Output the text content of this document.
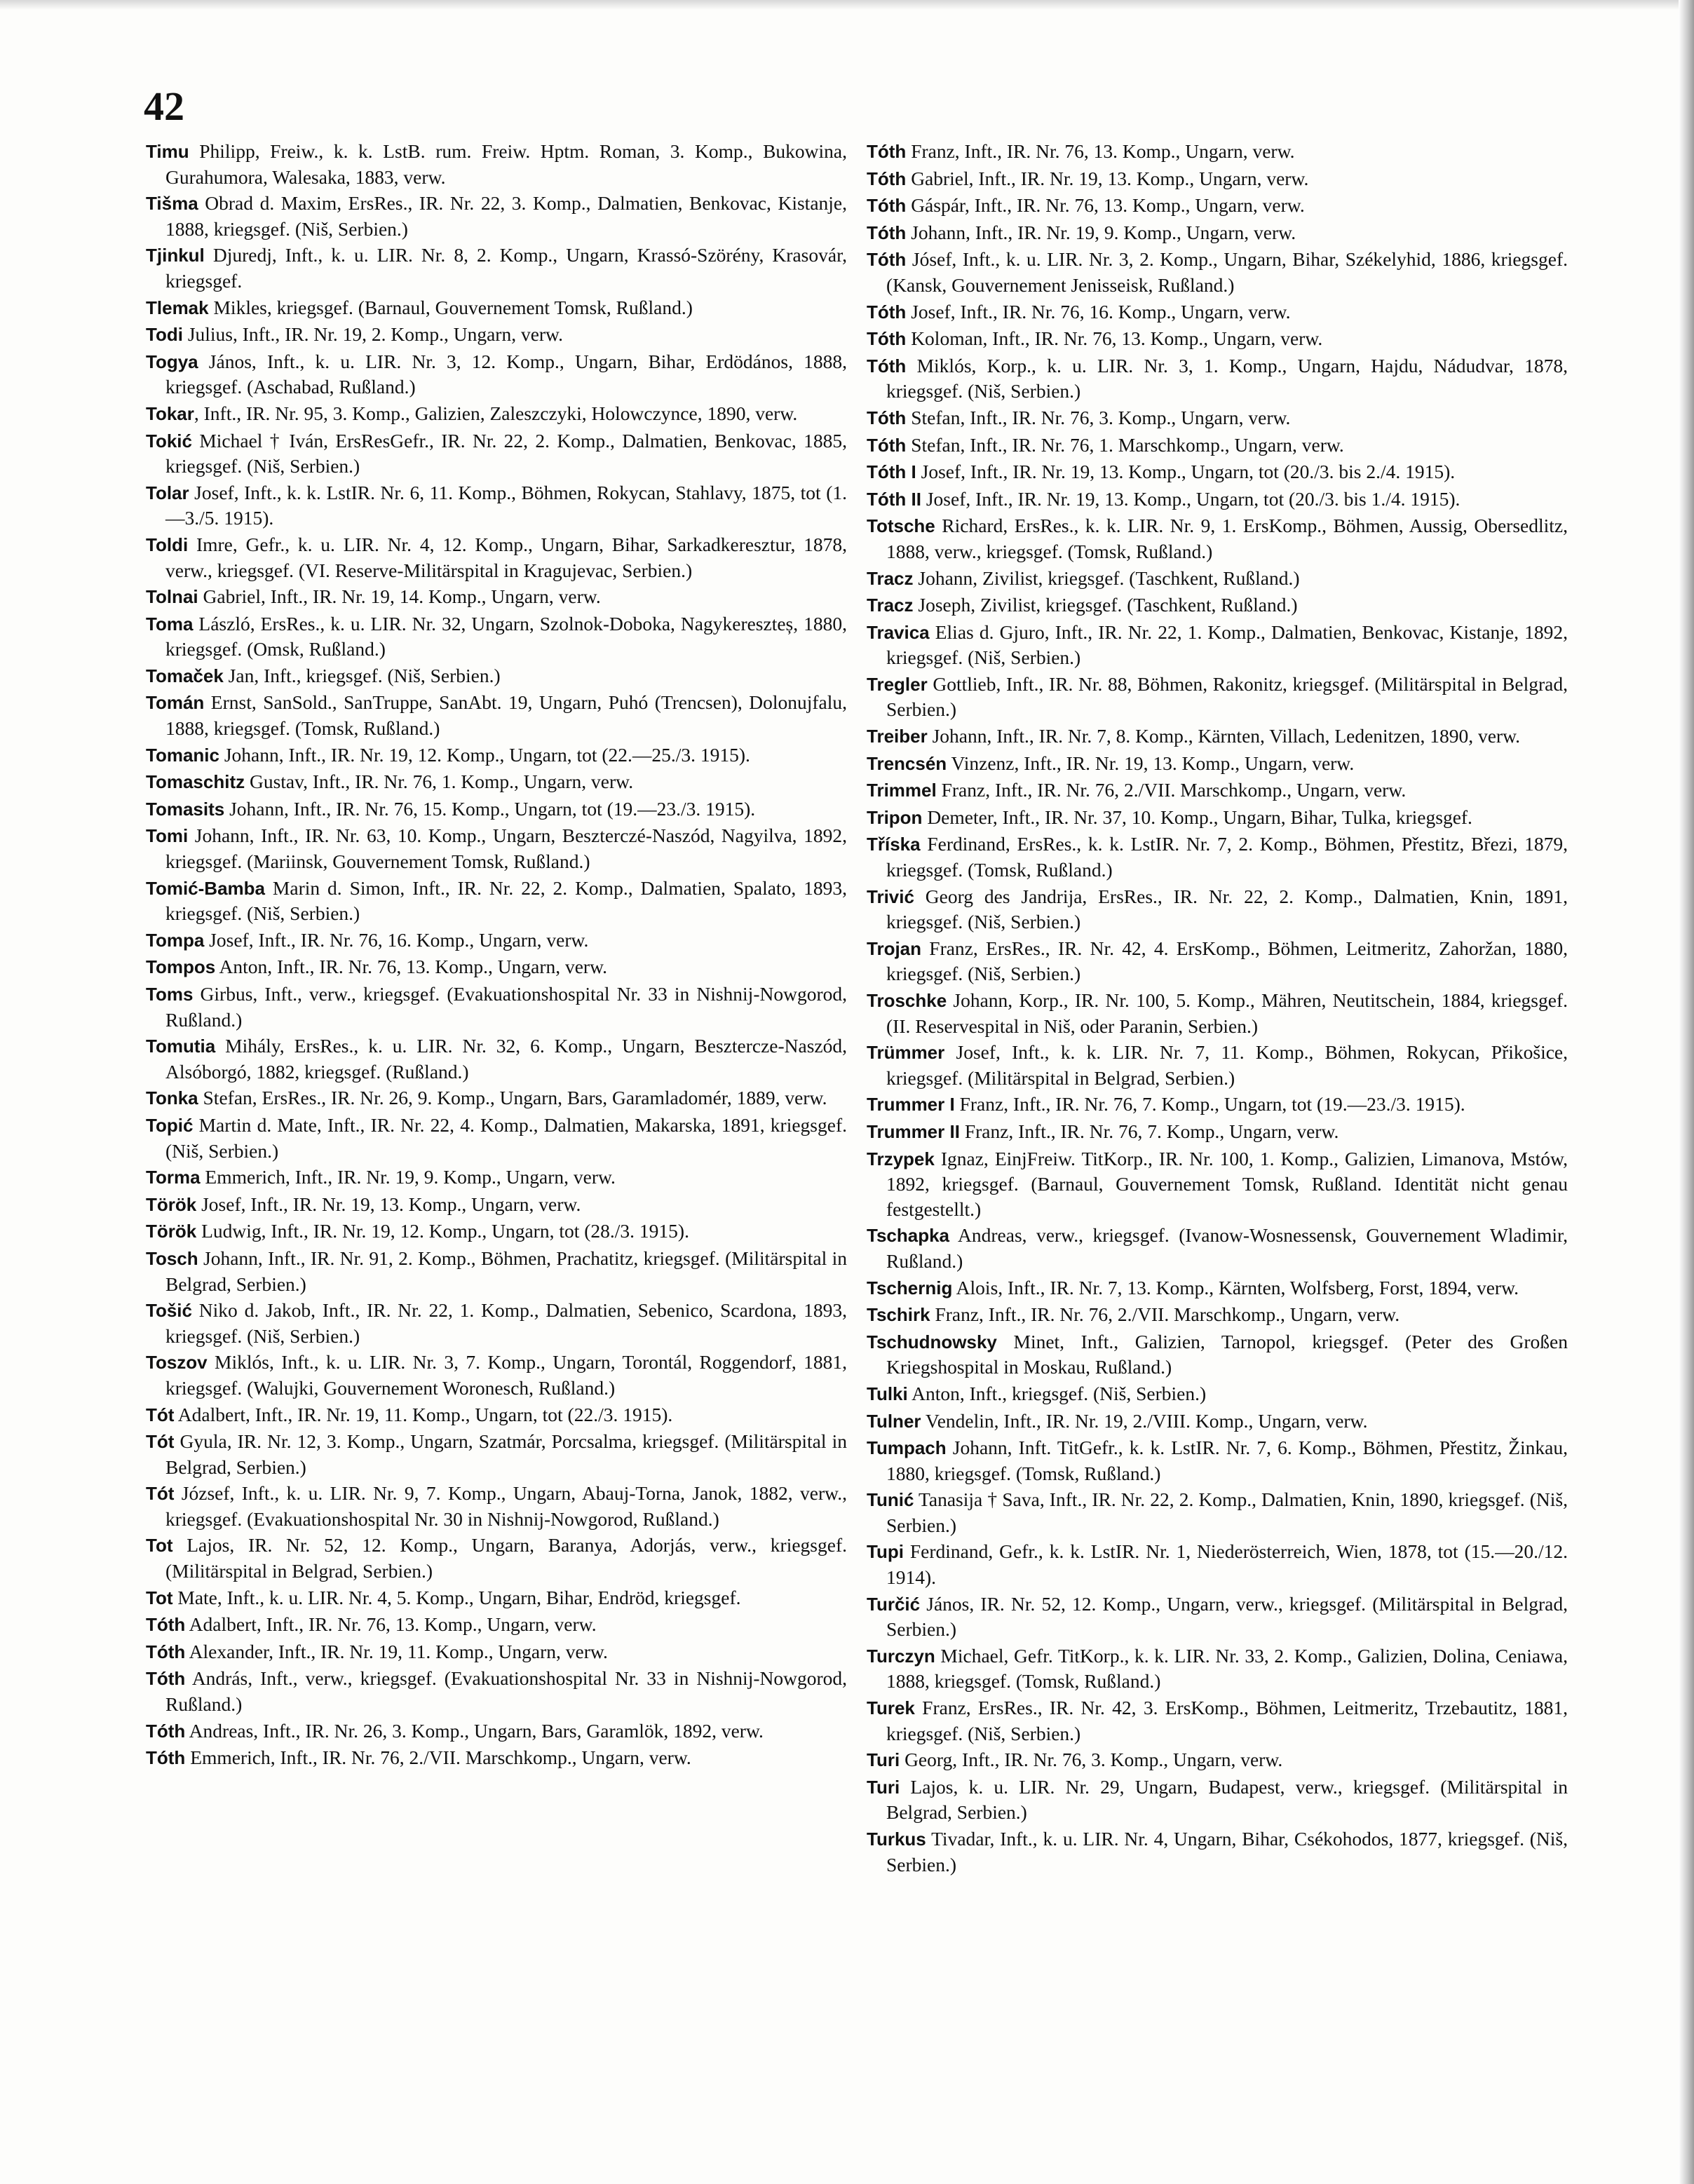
42
Timu Philipp, Freiw., k. k. LstB. rum. Freiw. Hptm. Roman, 3. Komp., Bukowina, Gurahumora, Walesaka, 1883, verw.
Tišma Obrad d. Maxim, ErsRes., IR. Nr. 22, 3. Komp., Dalmatien, Benkovac, Kistanje, 1888, kriegsgef. (Niš, Serbien.)
Tjinkul Djuredj, Inft., k. u. LIR. Nr. 8, 2. Komp., Ungarn, Krassó-Szörény, Krasovár, kriegsgef.
Tlemak Mikles, kriegsgef. (Barnaul, Gouvernement Tomsk, Rußland.)
Todi Julius, Inft., IR. Nr. 19, 2. Komp., Ungarn, verw.
Togya János, Inft., k. u. LIR. Nr. 3, 12. Komp., Ungarn, Bihar, Erdödános, 1888, kriegsgef. (Aschabad, Rußland.)
Tokar, Inft., IR. Nr. 95, 3. Komp., Galizien, Zaleszczyki, Holowczynce, 1890, verw.
Tokić Michael † Iván, ErsResGefr., IR. Nr. 22, 2. Komp., Dalmatien, Benkovac, 1885, kriegsgef. (Niš, Serbien.)
Tolar Josef, Inft., k. k. LstIR. Nr. 6, 11. Komp., Böhmen, Rokycan, Stahlavy, 1875, tot (1.—3./5. 1915).
Toldi Imre, Gefr., k. u. LIR. Nr. 4, 12. Komp., Ungarn, Bihar, Sarkadkeresztur, 1878, verw., kriegsgef. (VI. Reserve-Militärspital in Kragujevac, Serbien.)
Tolnai Gabriel, Inft., IR. Nr. 19, 14. Komp., Ungarn, verw.
Toma László, ErsRes., k. u. LIR. Nr. 32, Ungarn, Szolnok-Doboka, Nagykereszteș, 1880, kriegsgef. (Omsk, Rußland.)
Tomaček Jan, Inft., kriegsgef. (Niš, Serbien.)
Tomán Ernst, SanSold., SanTruppe, SanAbt. 19, Ungarn, Puhó (Trencsen), Dolonujfalu, 1888, kriegsgef. (Tomsk, Rußland.)
Tomanic Johann, Inft., IR. Nr. 19, 12. Komp., Ungarn, tot (22.—25./3. 1915).
Tomaschitz Gustav, Inft., IR. Nr. 76, 1. Komp., Ungarn, verw.
Tomasits Johann, Inft., IR. Nr. 76, 15. Komp., Ungarn, tot (19.—23./3. 1915).
Tomi Johann, Inft., IR. Nr. 63, 10. Komp., Ungarn, Beszterczé-Naszód, Nagyilva, 1892, kriegsgef. (Mariinsk, Gouvernement Tomsk, Rußland.)
Tomić-Bamba Marin d. Simon, Inft., IR. Nr. 22, 2. Komp., Dalmatien, Spalato, 1893, kriegsgef. (Niš, Serbien.)
Tompa Josef, Inft., IR. Nr. 76, 16. Komp., Ungarn, verw.
Tompos Anton, Inft., IR. Nr. 76, 13. Komp., Ungarn, verw.
Toms Girbus, Inft., verw., kriegsgef. (Evakuationshospital Nr. 33 in Nishnij-Nowgorod, Rußland.)
Tomutia Mihály, ErsRes., k. u. LIR. Nr. 32, 6. Komp., Ungarn, Besztercze-Naszód, Alsóborgó, 1882, kriegsgef. (Rußland.)
Tonka Stefan, ErsRes., IR. Nr. 26, 9. Komp., Ungarn, Bars, Garamladomér, 1889, verw.
Topić Martin d. Mate, Inft., IR. Nr. 22, 4. Komp., Dalmatien, Makarska, 1891, kriegsgef. (Niš, Serbien.)
Torma Emmerich, Inft., IR. Nr. 19, 9. Komp., Ungarn, verw.
Török Josef, Inft., IR. Nr. 19, 13. Komp., Ungarn, verw.
Török Ludwig, Inft., IR. Nr. 19, 12. Komp., Ungarn, tot (28./3. 1915).
Tosch Johann, Inft., IR. Nr. 91, 2. Komp., Böhmen, Prachatitz, kriegsgef. (Militärspital in Belgrad, Serbien.)
Tošić Niko d. Jakob, Inft., IR. Nr. 22, 1. Komp., Dalmatien, Sebenico, Scardona, 1893, kriegsgef. (Niš, Serbien.)
Toszov Miklós, Inft., k. u. LIR. Nr. 3, 7. Komp., Ungarn, Torontál, Roggendorf, 1881, kriegsgef. (Walujki, Gouvernement Woronesch, Rußland.)
Tót Adalbert, Inft., IR. Nr. 19, 11. Komp., Ungarn, tot (22./3. 1915).
Tót Gyula, IR. Nr. 12, 3. Komp., Ungarn, Szatmár, Porcsalma, kriegsgef. (Militärspital in Belgrad, Serbien.)
Tót József, Inft., k. u. LIR. Nr. 9, 7. Komp., Ungarn, Abauj-Torna, Janok, 1882, verw., kriegsgef. (Evakuationshospital Nr. 30 in Nishnij-Nowgorod, Rußland.)
Tot Lajos, IR. Nr. 52, 12. Komp., Ungarn, Baranya, Adorjás, verw., kriegsgef. (Militärspital in Belgrad, Serbien.)
Tot Mate, Inft., k. u. LIR. Nr. 4, 5. Komp., Ungarn, Bihar, Endröd, kriegsgef.
Tóth Adalbert, Inft., IR. Nr. 76, 13. Komp., Ungarn, verw.
Tóth Alexander, Inft., IR. Nr. 19, 11. Komp., Ungarn, verw.
Tóth András, Inft., verw., kriegsgef. (Evakuationshospital Nr. 33 in Nishnij-Nowgorod, Rußland.)
Tóth Andreas, Inft., IR. Nr. 26, 3. Komp., Ungarn, Bars, Garamlök, 1892, verw.
Tóth Emmerich, Inft., IR. Nr. 76, 2./VII. Marschkomp., Ungarn, verw.
Tóth Franz, Inft., IR. Nr. 76, 13. Komp., Ungarn, verw.
Tóth Gabriel, Inft., IR. Nr. 19, 13. Komp., Ungarn, verw.
Tóth Gáspár, Inft., IR. Nr. 76, 13. Komp., Ungarn, verw.
Tóth Johann, Inft., IR. Nr. 19, 9. Komp., Ungarn, verw.
Tóth Jósef, Inft., k. u. LIR. Nr. 3, 2. Komp., Ungarn, Bihar, Székelyhid, 1886, kriegsgef. (Kansk, Gouvernement Jenisseisk, Rußland.)
Tóth Josef, Inft., IR. Nr. 76, 16. Komp., Ungarn, verw.
Tóth Koloman, Inft., IR. Nr. 76, 13. Komp., Ungarn, verw.
Tóth Miklós, Korp., k. u. LIR. Nr. 3, 1. Komp., Ungarn, Hajdu, Nádudvar, 1878, kriegsgef. (Niš, Serbien.)
Tóth Stefan, Inft., IR. Nr. 76, 3. Komp., Ungarn, verw.
Tóth Stefan, Inft., IR. Nr. 76, 1. Marschkomp., Ungarn, verw.
Tóth I Josef, Inft., IR. Nr. 19, 13. Komp., Ungarn, tot (20./3. bis 2./4. 1915).
Tóth II Josef, Inft., IR. Nr. 19, 13. Komp., Ungarn, tot (20./3. bis 1./4. 1915).
Totsche Richard, ErsRes., k. k. LIR. Nr. 9, 1. ErsKomp., Böhmen, Aussig, Obersedlitz, 1888, verw., kriegsgef. (Tomsk, Rußland.)
Tracz Johann, Zivilist, kriegsgef. (Taschkent, Rußland.)
Tracz Joseph, Zivilist, kriegsgef. (Taschkent, Rußland.)
Travica Elias d. Gjuro, Inft., IR. Nr. 22, 1. Komp., Dalmatien, Benkovac, Kistanje, 1892, kriegsgef. (Niš, Serbien.)
Tregler Gottlieb, Inft., IR. Nr. 88, Böhmen, Rakonitz, kriegsgef. (Militärspital in Belgrad, Serbien.)
Treiber Johann, Inft., IR. Nr. 7, 8. Komp., Kärnten, Villach, Ledenitzen, 1890, verw.
Trencsén Vinzenz, Inft., IR. Nr. 19, 13. Komp., Ungarn, verw.
Trimmel Franz, Inft., IR. Nr. 76, 2./VII. Marschkomp., Ungarn, verw.
Tripon Demeter, Inft., IR. Nr. 37, 10. Komp., Ungarn, Bihar, Tulka, kriegsgef.
Tříska Ferdinand, ErsRes., k. k. LstIR. Nr. 7, 2. Komp., Böhmen, Přestitz, Březi, 1879, kriegsgef. (Tomsk, Rußland.)
Trivić Georg des Jandrija, ErsRes., IR. Nr. 22, 2. Komp., Dalmatien, Knin, 1891, kriegsgef. (Niš, Serbien.)
Trojan Franz, ErsRes., IR. Nr. 42, 4. ErsKomp., Böhmen, Leitmeritz, Zahoržan, 1880, kriegsgef. (Niš, Serbien.)
Troschke Johann, Korp., IR. Nr. 100, 5. Komp., Mähren, Neutitschein, 1884, kriegsgef. (II. Reservespital in Niš, oder Paranin, Serbien.)
Trümmer Josef, Inft., k. k. LIR. Nr. 7, 11. Komp., Böhmen, Rokycan, Přikošice, kriegsgef. (Militärspital in Belgrad, Serbien.)
Trummer I Franz, Inft., IR. Nr. 76, 7. Komp., Ungarn, tot (19.—23./3. 1915).
Trummer II Franz, Inft., IR. Nr. 76, 7. Komp., Ungarn, verw.
Trzypek Ignaz, EinjFreiw. TitKorp., IR. Nr. 100, 1. Komp., Galizien, Limanova, Mstów, 1892, kriegsgef. (Barnaul, Gouvernement Tomsk, Rußland. Identität nicht genau festgestellt.)
Tschapka Andreas, verw., kriegsgef. (Ivanow-Wosnessensk, Gouvernement Wladimir, Rußland.)
Tschernig Alois, Inft., IR. Nr. 7, 13. Komp., Kärnten, Wolfsberg, Forst, 1894, verw.
Tschirk Franz, Inft., IR. Nr. 76, 2./VII. Marschkomp., Ungarn, verw.
Tschudnowsky Minet, Inft., Galizien, Tarnopol, kriegsgef. (Peter des Großen Kriegshospital in Moskau, Rußland.)
Tulki Anton, Inft., kriegsgef. (Niš, Serbien.)
Tulner Vendelin, Inft., IR. Nr. 19, 2./VIII. Komp., Ungarn, verw.
Tumpach Johann, Inft. TitGefr., k. k. LstIR. Nr. 7, 6. Komp., Böhmen, Přestitz, Žinkau, 1880, kriegsgef. (Tomsk, Rußland.)
Tunić Tanasija † Sava, Inft., IR. Nr. 22, 2. Komp., Dalmatien, Knin, 1890, kriegsgef. (Niš, Serbien.)
Tupi Ferdinand, Gefr., k. k. LstIR. Nr. 1, Niederösterreich, Wien, 1878, tot (15.—20./12. 1914).
Turčić János, IR. Nr. 52, 12. Komp., Ungarn, verw., kriegsgef. (Militärspital in Belgrad, Serbien.)
Turczyn Michael, Gefr. TitKorp., k. k. LIR. Nr. 33, 2. Komp., Galizien, Dolina, Ceniawa, 1888, kriegsgef. (Tomsk, Rußland.)
Turek Franz, ErsRes., IR. Nr. 42, 3. ErsKomp., Böhmen, Leitmeritz, Trzebautitz, 1881, kriegsgef. (Niš, Serbien.)
Turi Georg, Inft., IR. Nr. 76, 3. Komp., Ungarn, verw.
Turi Lajos, k. u. LIR. Nr. 29, Ungarn, Budapest, verw., kriegsgef. (Militärspital in Belgrad, Serbien.)
Turkus Tivadar, Inft., k. u. LIR. Nr. 4, Ungarn, Bihar, Csékohodos, 1877, kriegsgef. (Niš, Serbien.)
